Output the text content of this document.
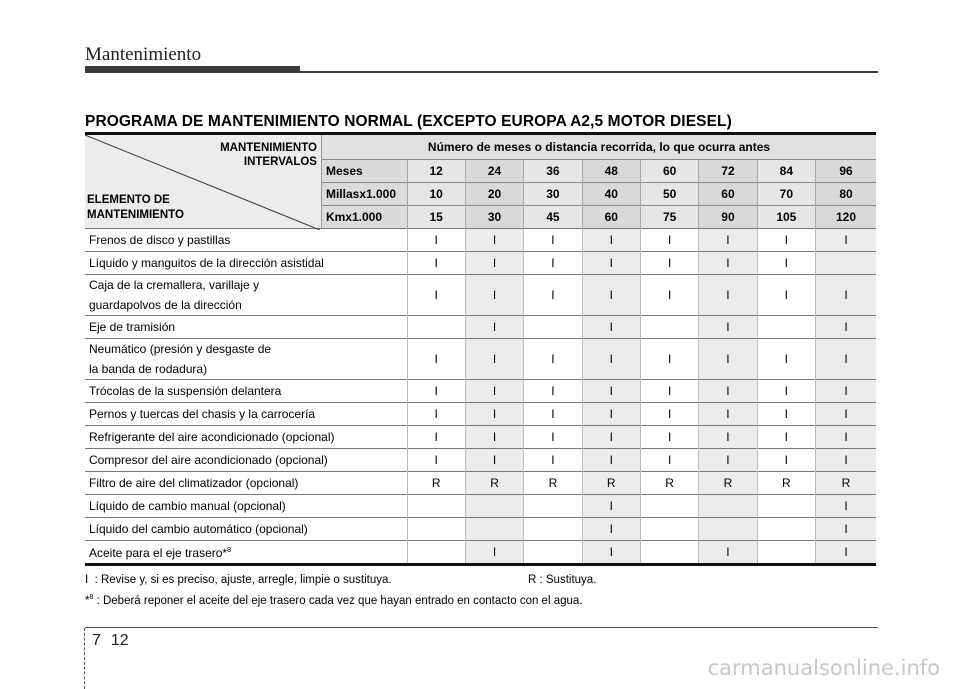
Mantenimiento
PROGRAMA DE MANTENIMIENTO NORMAL (EXCEPTO EUROPA A2,5 MOTOR DIESEL)
MANTENIMIENTO
INTERVALOS
ELEMENTO DE
MANTENIMIENTO	Número de meses o distancia recorrida, lo que ocurra antes								
	Meses	12	24	36	48	60	72	84	96
	Millasx1.000	10	20	30	40	50	60	70	80
	Kmx1.000	15	30	45	60	75	90	105	120

Frenos de disco y pastillas		I	I	I	I	I	I	I	I

Líquido y manguitos de la dirección asistidal		I	I	I	I	I	I	I	

Caja de la cremallera, varillaje y
guardapolvos de la dirección		I	I	I	I	I	I	I	I

Eje de tramisión			I		I		I		I

Neumático (presión y desgaste de
la banda de rodadura)		I	I	I	I	I	I	I	I

Trócolas de la suspensión delantera		I	I	I	I	I	I	I	I

Pernos y tuercas del chasis y la carrocería		I	I	I	I	I	I	I	I

Refrigerante del aire acondicionado (opcional)		I	I	I	I	I	I	I	I

Compresor del aire acondicionado (opcional)		I	I	I	I	I	I	I	I

Filtro de aire del climatizador (opcional)		R	R	R	R	R	R	R	R

Líquido de cambio manual (opcional)					I				I

Líquido del cambio automático (opcional)					I				I

Aceite para el eje trasero*$^8$			I		I		I		I
I : Revise y, si es preciso, ajuste, arregle, limpie o sustituya.	R : Sustituya.
*$^8$ : Deberá reponer el aceite del eje trasero cada vez que hayan entrado en contacto con el agua.
7 12
carmanualsonline.info
